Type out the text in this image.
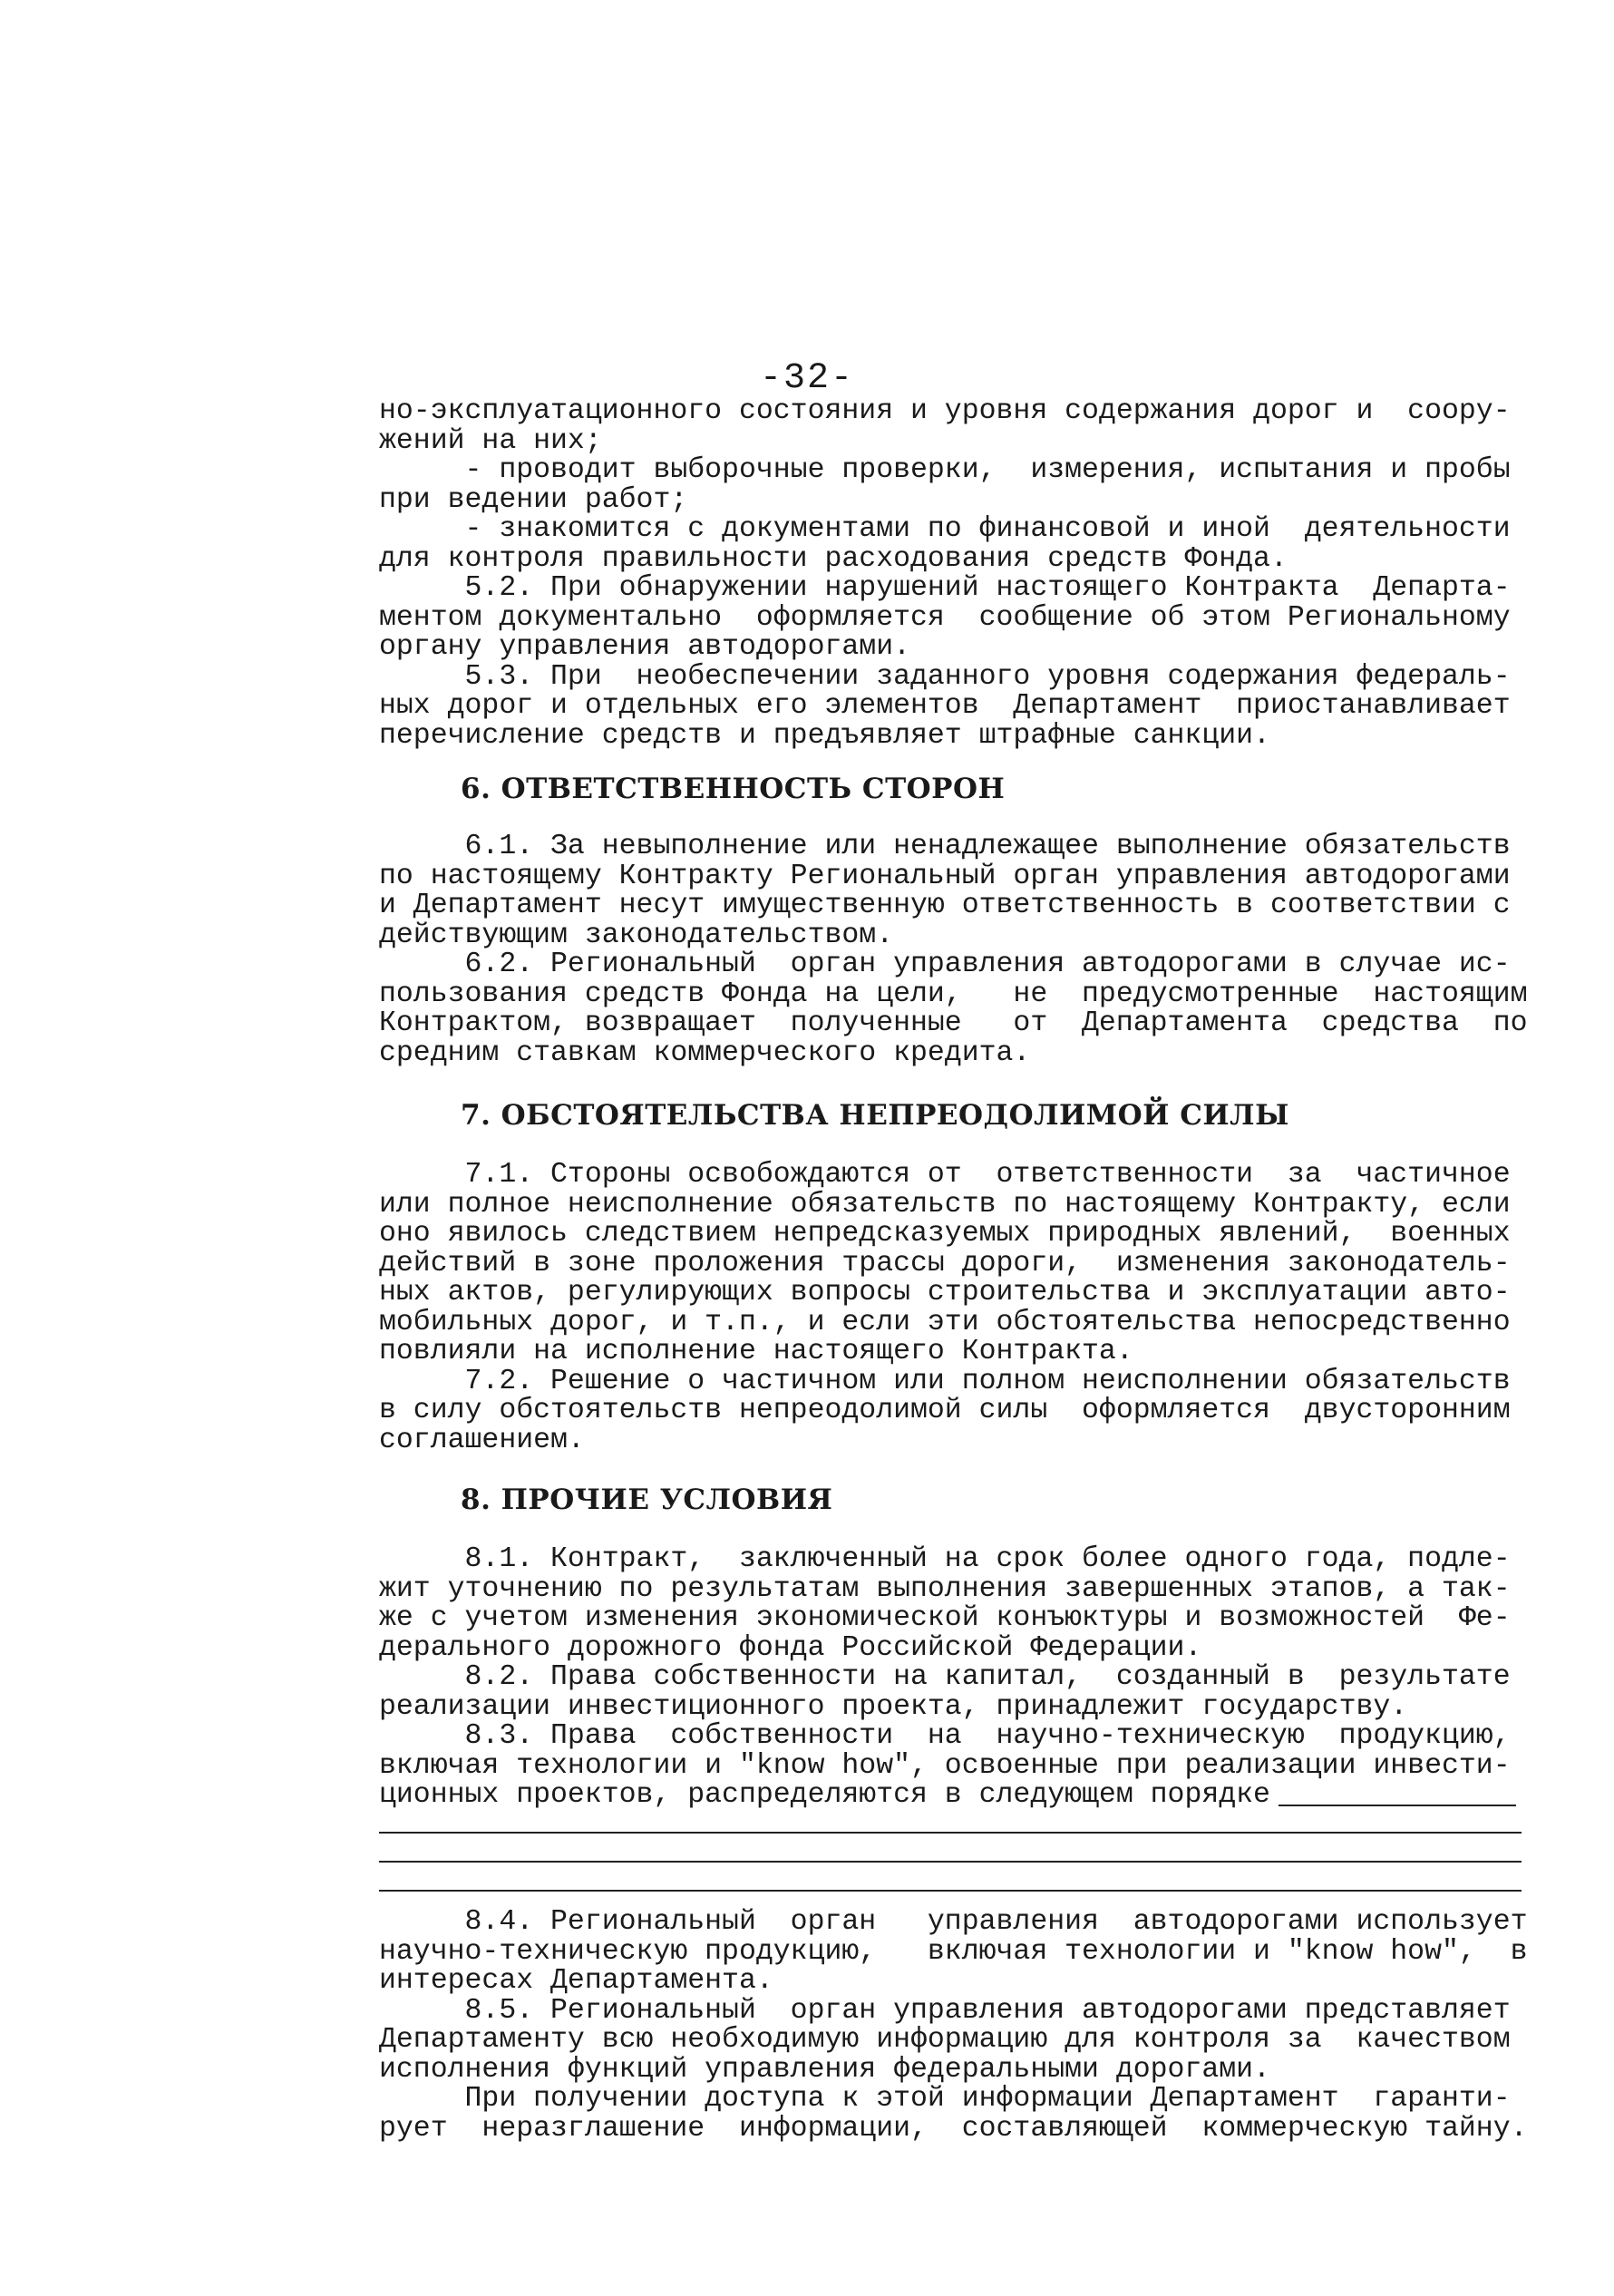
-32-
но-эксплуатационного состояния и уровня содержания дорог и  соору-
жений на них;
- проводит выборочные проверки,  измерения, испытания и пробы
при ведении работ;
- знакомится с документами по финансовой и иной  деятельности
для контроля правильности расходования средств Фонда.
5.2. При обнаружении нарушений настоящего Контракта  Департа-
ментом документально  оформляется  сообщение об этом Региональному
органу управления автодорогами.
5.3. При  необеспечении заданного уровня содержания федераль-
ных дорог и отдельных его элементов  Департамент  приостанавливает
перечисление средств и предъявляет штрафные санкции.
6. ОТВЕТСТВЕННОСТЬ СТОРОН
6.1. За невыполнение или ненадлежащее выполнение обязательств
по настоящему Контракту Региональный орган управления автодорогами
и Департамент несут имущественную ответственность в соответствии с
действующим законодательством.
6.2. Региональный  орган управления автодорогами в случае ис-
пользования средств Фонда на цели,   не  предусмотренные  настоящим
Контрактом, возвращает  полученные   от  Департамента  средства  по
средним ставкам коммерческого кредита.
7. ОБСТОЯТЕЛЬСТВА НЕПРЕОДОЛИМОЙ СИЛЫ
7.1. Стороны освобождаются от  ответственности  за  частичное
или полное неисполнение обязательств по настоящему Контракту, если
оно явилось следствием непредсказуемых природных явлений,  военных
действий в зоне проложения трассы дороги,  изменения законодатель-
ных актов, регулирующих вопросы строительства и эксплуатации авто-
мобильных дорог, и т.п., и если эти обстоятельства непосредственно
повлияли на исполнение настоящего Контракта.
7.2. Решение о частичном или полном неисполнении обязательств
в силу обстоятельств непреодолимой силы  оформляется  двусторонним
соглашением.
8. ПРОЧИЕ УСЛОВИЯ
8.1. Контракт,  заключенный на срок более одного года, подле-
жит уточнению по результатам выполнения завершенных этапов, а так-
же с учетом изменения экономической конъюктуры и возможностей  Фе-
дерального дорожного фонда Российской Федерации.
8.2. Права собственности на капитал,  созданный в  результате
реализации инвестиционного проекта, принадлежит государству.
8.3. Права  собственности  на  научно-техническую  продукцию,
включая технологии и "know how", освоенные при реализации инвести-
ционных проектов, распределяются в следующем порядке
8.4. Региональный  орган   управления  автодорогами использует
научно-техническую продукцию,   включая технологии и "know how",  в
интересах Департамента.
8.5. Региональный  орган управления автодорогами представляет
Департаменту всю необходимую информацию для контроля за  качеством
исполнения функций управления федеральными дорогами.
При получении доступа к этой информации Департамент  гаранти-
рует  неразглашение  информации,  составляющей  коммерческую тайну.
